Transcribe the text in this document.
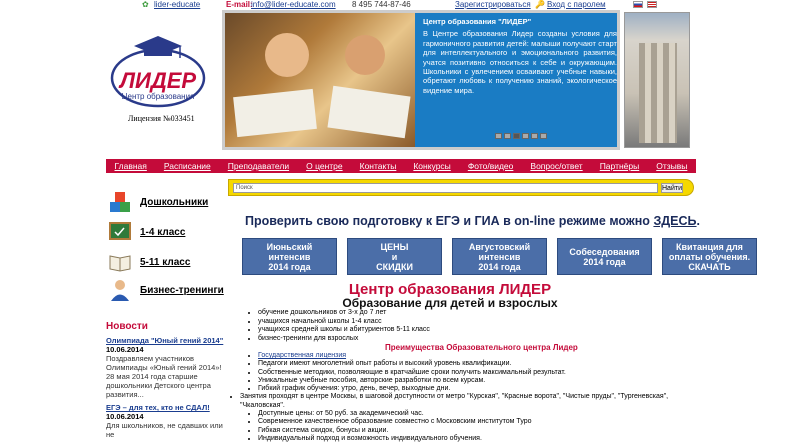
✿ lider-educate	E-mail:
info@lider-educate.com 8 495 744-87-46	Зарегистрироваться 🔑 Вход с паролем
ЛИДЕР
Центр образования
Лицензия №033451
Центр образования "ЛИДЕР"
В Центре образования Лидер созданы условия для гармоничного развития детей: малыши получают старт для интеллектуального и эмоционального развития, учатся позитивно относиться к себе и окружающим. Школьники с увлечением осваивают учебные навыки, обретают любовь к получению знаний, экологическое видение мира.
Главная Расписание Преподаватели О центре Контакты Конкурсы Фото/видео Вопрос/ответ Партнёры Отзывы
Поиск	Найти
Дошкольники
1-4 класс
5-11 класс
Бизнес-тренинги
Новости
Олимпиада "Юный гений 2014"
10.06.2014
Поздравляем участников Олимпиады «Юный гений 2014»! 28 мая 2014 года старшие дошкольники Детского центра развития...
ЕГЭ – для тех, кто не СДАЛ!
10.06.2014
Для школьников, не сдавших или не
Проверить свою подготовку к ЕГЭ и ГИА в on-line режиме можно ЗДЕСЬ.
Июньский
интенсив
2014 года
ЦЕНЫ
и
СКИДКИ
Августовский
интенсив
2014 года
Собеседования
2014 года
Квитанция для
оплаты обучения.
СКАЧАТЬ
Центр образования ЛИДЕР
Образование для детей и взрослых
• обучение дошкольников от 3-х до 7 лет
• учащихся начальной школы 1-4 класс
• учащихся средней школы и абитуриентов 5-11 класс
• бизнес-тренинги для взрослых
Преимущества Образовательного центра Лидер
• Государственная лицензия
• Педагоги имеют многолетний опыт работы и высокий уровень квалификации.
• Собственные методики, позволяющие в кратчайшие сроки получить максимальный результат.
• Уникальные учебные пособия, авторские разработки по всем курсам.
• Гибкий график обучения: утро, день, вечер, выходные дни.
• Занятия проходят в центре Москвы, в шаговой доступности от метро "Курская", "Красные ворота", "Чистые пруды", "Тургеневская", "Чкаловская".
• Доступные цены: от 50 руб. за академический час.
• Современное качественное образование совместно с Московским институтом Туро
• Гибкая система скидок, бонусы и акции.
• Индивидуальный подход и возможность индивидуального обучения.
